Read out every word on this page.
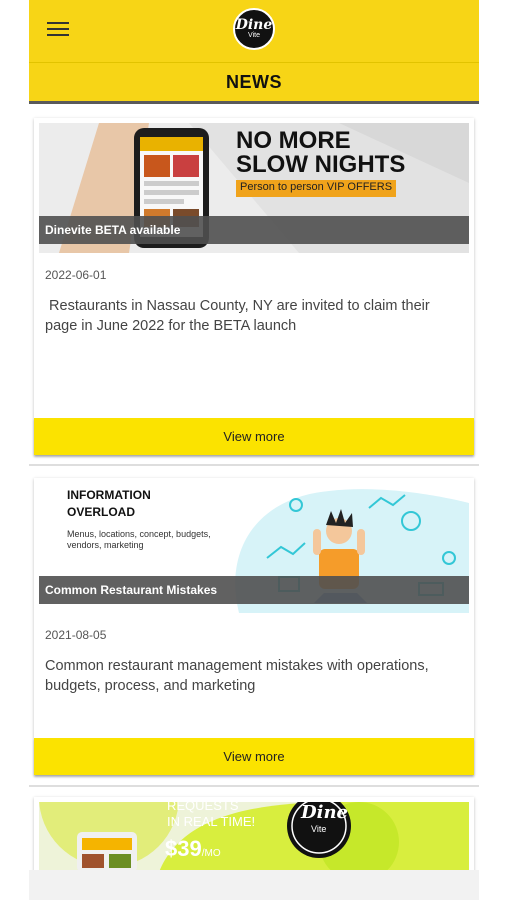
Dine
Vite
NEWS
NO MORE
SLOW NIGHTS
Person to person VIP OFFERS
Dinevite BETA available
2022-06-01
Restaurants in Nassau County, NY are invited to claim their page in June 2022 for the BETA launch
View more
INFORMATION
OVERLOAD
Menus, locations, concept, budgets, vendors, marketing
Common Restaurant Mistakes
2021-08-05
Common restaurant management mistakes with operations, budgets, process, and marketing
View more
REQUESTS
IN REAL TIME!
$39/MO
Dine
Vite
